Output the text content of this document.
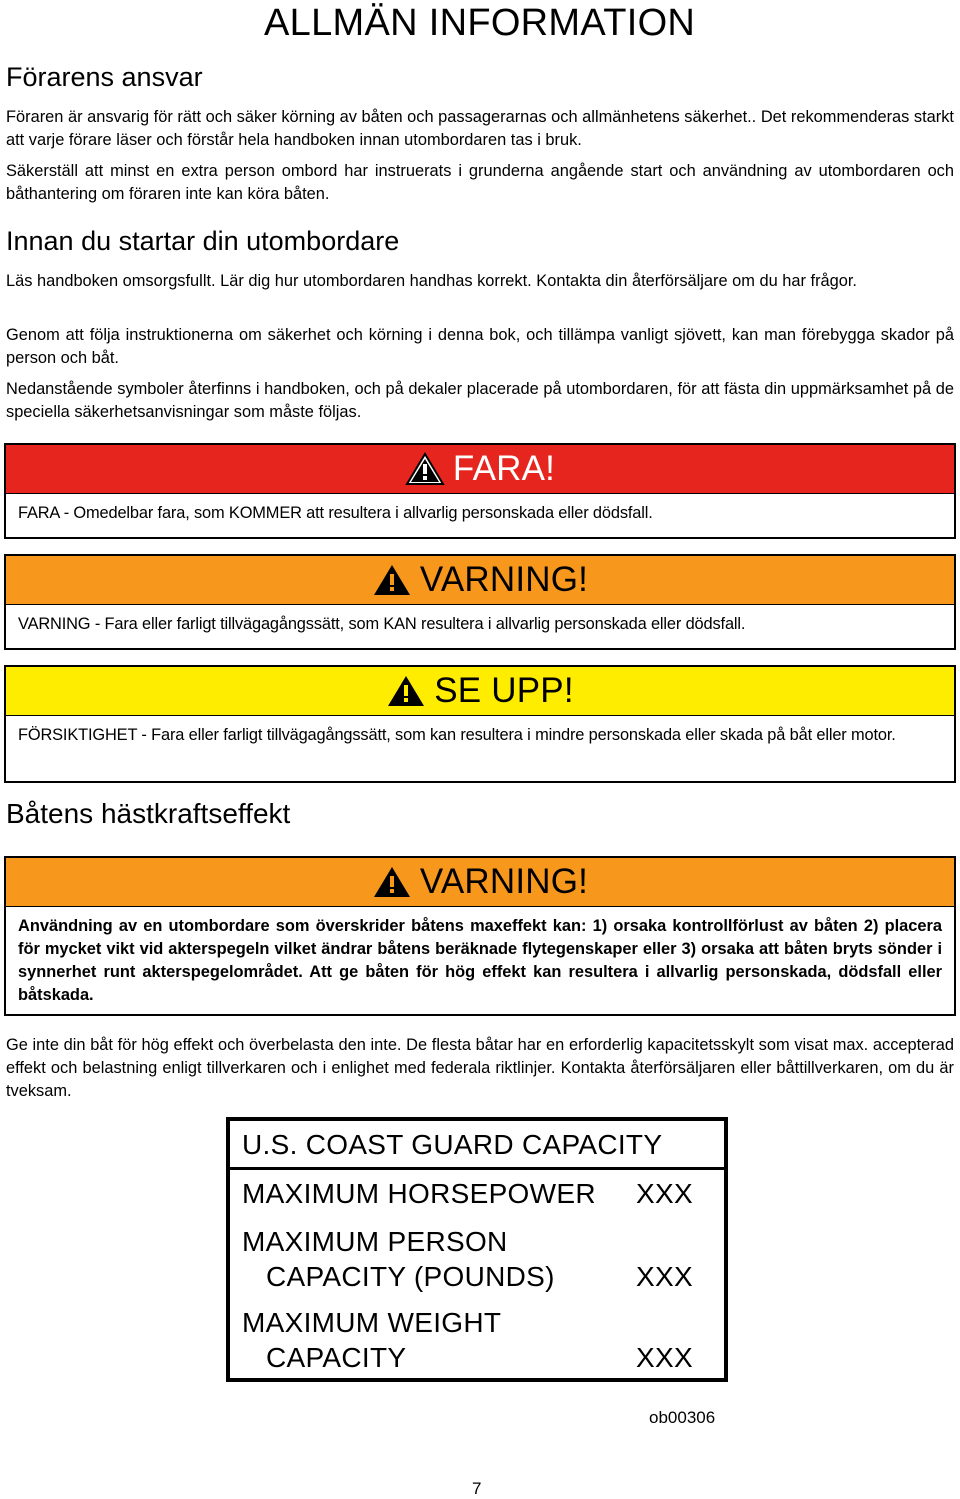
ALLMÄN INFORMATION
Förarens ansvar

Föraren är ansvarig för rätt och säker körning av båten och passagerarnas och allmänhetens säkerhet.. Det rekommenderas starkt att varje förare läser och förstår hela handboken innan utombordaren tas i bruk.

Säkerställ att minst en extra person ombord har instruerats i grunderna angående start och användning av utombordaren och båthantering om föraren inte kan köra båten.

Innan du startar din utombordare

Läs handboken omsorgsfullt. Lär dig hur utombordaren handhas korrekt. Kontakta din återförsäljare om du har frågor.

Genom att följa instruktionerna om säkerhet och körning i denna bok, och tillämpa vanligt sjövett, kan man förebygga skador på person och båt.

Nedanstående symboler återfinns i handboken, och på dekaler placerade på utombordaren, för att fästa din uppmärksamhet på de speciella säkerhetsanvisningar som måste följas.

FARA!
FARA - Omedelbar fara, som KOMMER att resultera i allvarlig personskada eller dödsfall.
VARNING!
VARNING - Fara eller farligt tillvägagångssätt, som KAN resultera i allvarlig personskada eller dödsfall.
SE UPP!
FÖRSIKTIGHET - Fara eller farligt tillvägagångssätt, som kan resultera i mindre personskada eller skada på båt eller motor.
Båtens hästkraftseffekt
VARNING!
Användning av en utombordare som överskrider båtens maxeffekt kan: 1) orsaka kontrollförlust av båten 2) placera för mycket vikt vid akterspegeln vilket ändrar båtens beräknade flytegenskaper eller 3) orsaka att båten bryts sönder i synnerhet runt akterspegelområdet. Att ge båten för hög effekt kan resultera i allvarlig personskada, dödsfall eller båtskada.

Ge inte din båt för hög effekt och överbelasta den inte. De flesta båtar har en erforderlig kapacitetsskylt som visat max. accepterad effekt och belastning enligt tillverkaren och i enlighet med federala riktlinjer. Kontakta återförsäljaren eller båttillverkaren, om du är tveksam.

U.S. COAST GUARD CAPACITY
MAXIMUM HORSEPOWER XXX
MAXIMUM PERSON
CAPACITY (POUNDS)	XXX
MAXIMUM WEIGHT
CAPACITY	XXX
ob00306
7
